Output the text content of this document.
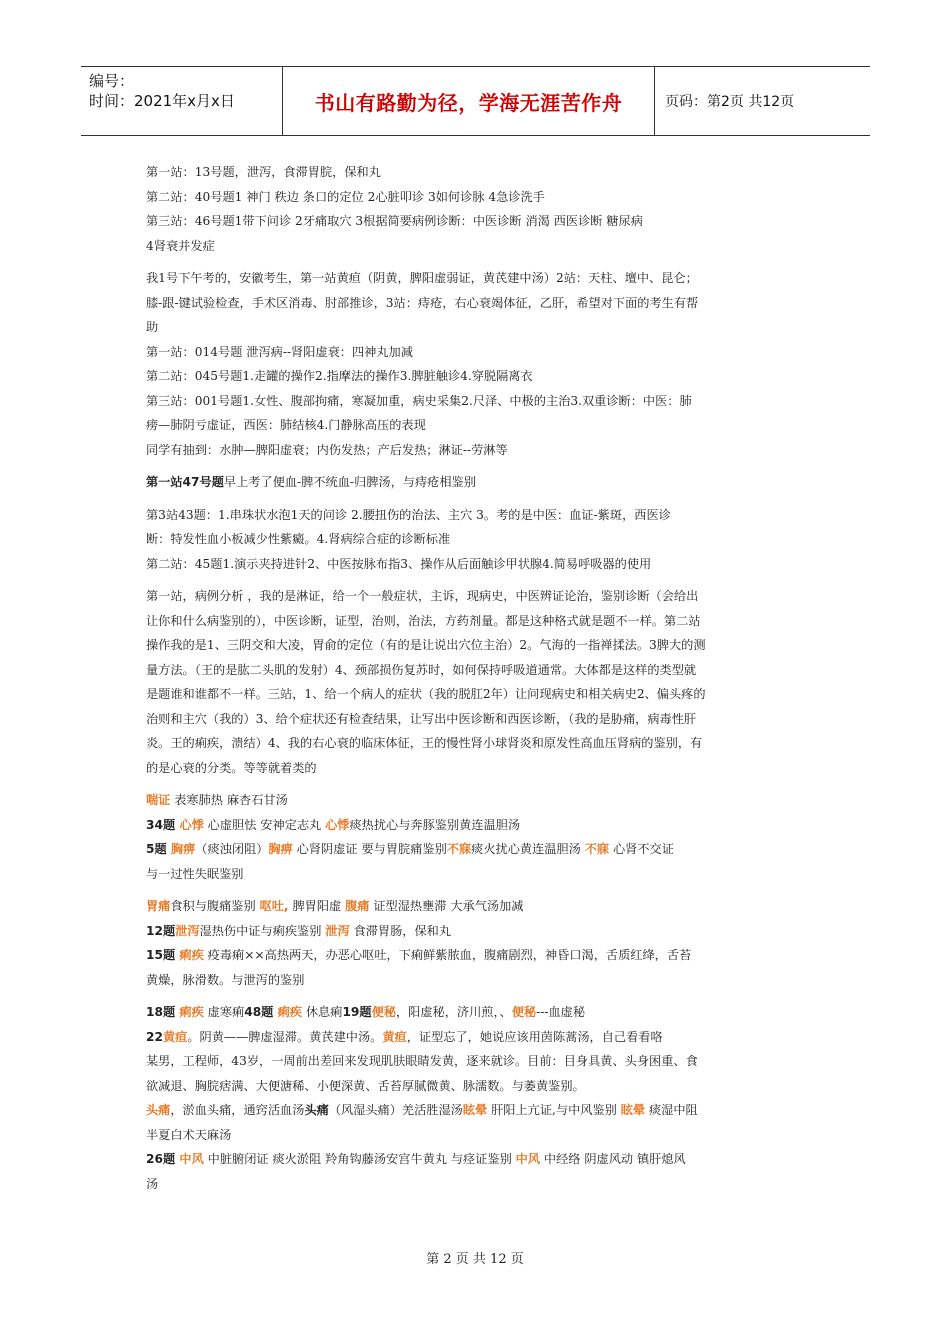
编号：
时间：2021年x月x日	书山有路勤为径，学海无涯苦作舟	页码：第2页 共12页

第一站：13号题，泄泻，食滞胃脘，保和丸

第二站：40号题1 神门 秩边 条口的定位 2心脏叩诊 3如何诊脉 4急诊洗手

第三站：46号题1带下问诊 2牙痛取穴 3根据简要病例诊断：中医诊断 消渴 西医诊断 糖尿病

4肾衰并发症

我1号下午考的，安徽考生，第一站黄疸（阴黄，脾阳虚弱证，黄芪建中汤）2站：天柱、壇中、昆仑；

膝-跟-键试验检查，手术区消毒、肘部推诊，3站：痔疮，右心衰竭体征，乙肝，希望对下面的考生有帮

助

第一站：014号题 泄泻病--肾阳虚衰：四神丸加减

第二站：045号题1.走罐的操作2.指摩法的操作3.脾脏触诊4.穿脱隔离衣

第三站：001号题1.女性、腹部拘痛，寒凝加重，病史采集2.尺泽、中极的主治3.双重诊断：中医：肺

痨—肺阴亏虚证，西医：肺结核4.门静脉高压的表现

同学有抽到：水肿—脾阳虚衰；内伤发热；产后发热；淋证--劳淋等

第一站47号题早上考了便血-脾不统血-归脾汤，与痔疮相鉴别

第3站43题：1.串珠状水泡1天的问诊 2.腰扭伤的治法、主穴 3。考的是中医：血证-紫斑，西医诊

断：特发性血小板减少性紫癜。4.肾病综合症的诊断标准

第二站：45题1.演示夹持进针2、中医按脉布指3、操作从后面触诊甲状腺4.简易呼吸器的使用

第一站，病例分析 ，我的是淋证，给一个一般症状，主诉，现病史，中医辨证论治，鉴别诊断（会给出

让你和什么病鉴别的），中医诊断，证型，治则，治法，方药剂量。都是这种格式就是题不一样。第二站

操作我的是1、三阴交和大凌，胃俞的定位（有的是让说出穴位主治）2。气海的一指禅揉法。3脾大的测

量方法。（王的是肱二头肌的发射）4、颈部损伤复苏时，如何保持呼吸道通常。大体都是这样的类型就

是题谁和谁都不一样。三站，1、给一个病人的症状（我的脱肛2年）让问现病史和相关病史2、偏头疼的

治则和主穴（我的）3、给个症状还有检查结果，让写出中医诊断和西医诊断，（我的是胁痛，病毒性肝

炎。王的痢疾，溃结）4、我的右心衰的临床体征，王的慢性肾小球肾炎和原发性高血压肾病的鉴别，有

的是心衰的分类。等等就着类的

喘证 表寒肺热 麻杏石甘汤

34题 心悸 心虚胆怯 安神定志丸 心悸痰热扰心与奔豚鉴别黄连温胆汤

5题 胸痹（痰浊闭阻）胸痹 心肾阴虚证 要与胃脘痛鉴别不寐痰火扰心黄连温胆汤 不寐 心肾不交证

与一过性失眠鉴别

胃痛食积与腹痛鉴别 呕吐, 脾胃阳虚 腹痛 证型湿热壅滞 大承气汤加减

12题泄泻湿热伤中证与痢疾鉴别 泄泻 食滞胃肠，保和丸

15题 痢疾 疫毒痢××高热两天，办恶心呕吐，下痢鲜紫脓血，腹痛剧烈，神昏口渴，舌质红绛，舌苔

黄燥，脉滑数。与泄泻的鉴别

18题 痢疾 虚寒痢48题 痢疾 休息痢19题便秘，阳虚秘，济川煎，、便秘---血虚秘

22黄疸。阴黄——脾虚湿滞。黄芪建中汤。黄疸，证型忘了，她说应该用茵陈蒿汤，自己看看咯

某男，工程师，43岁，一周前出差回来发现肌肤眼睛发黄，逐来就诊。目前：目身具黄、头身困重、食

欲减退、胸脘痞满、大便溏稀、小便深黄、舌苔厚腻微黄、脉濡数。与萎黄鉴别。

头痛，淤血头痛，通窍活血汤头痛（风湿头痛）羌活胜湿汤眩晕 肝阳上亢证,与中风鉴别 眩晕 痰湿中阻

半夏白术天麻汤

26题 中风 中脏腑闭证 痰火淤阻 羚角钩藤汤安宫牛黄丸 与痉证鉴别 中风 中经络 阴虚风动 镇肝熄风

汤

第 2 页 共 12 页
